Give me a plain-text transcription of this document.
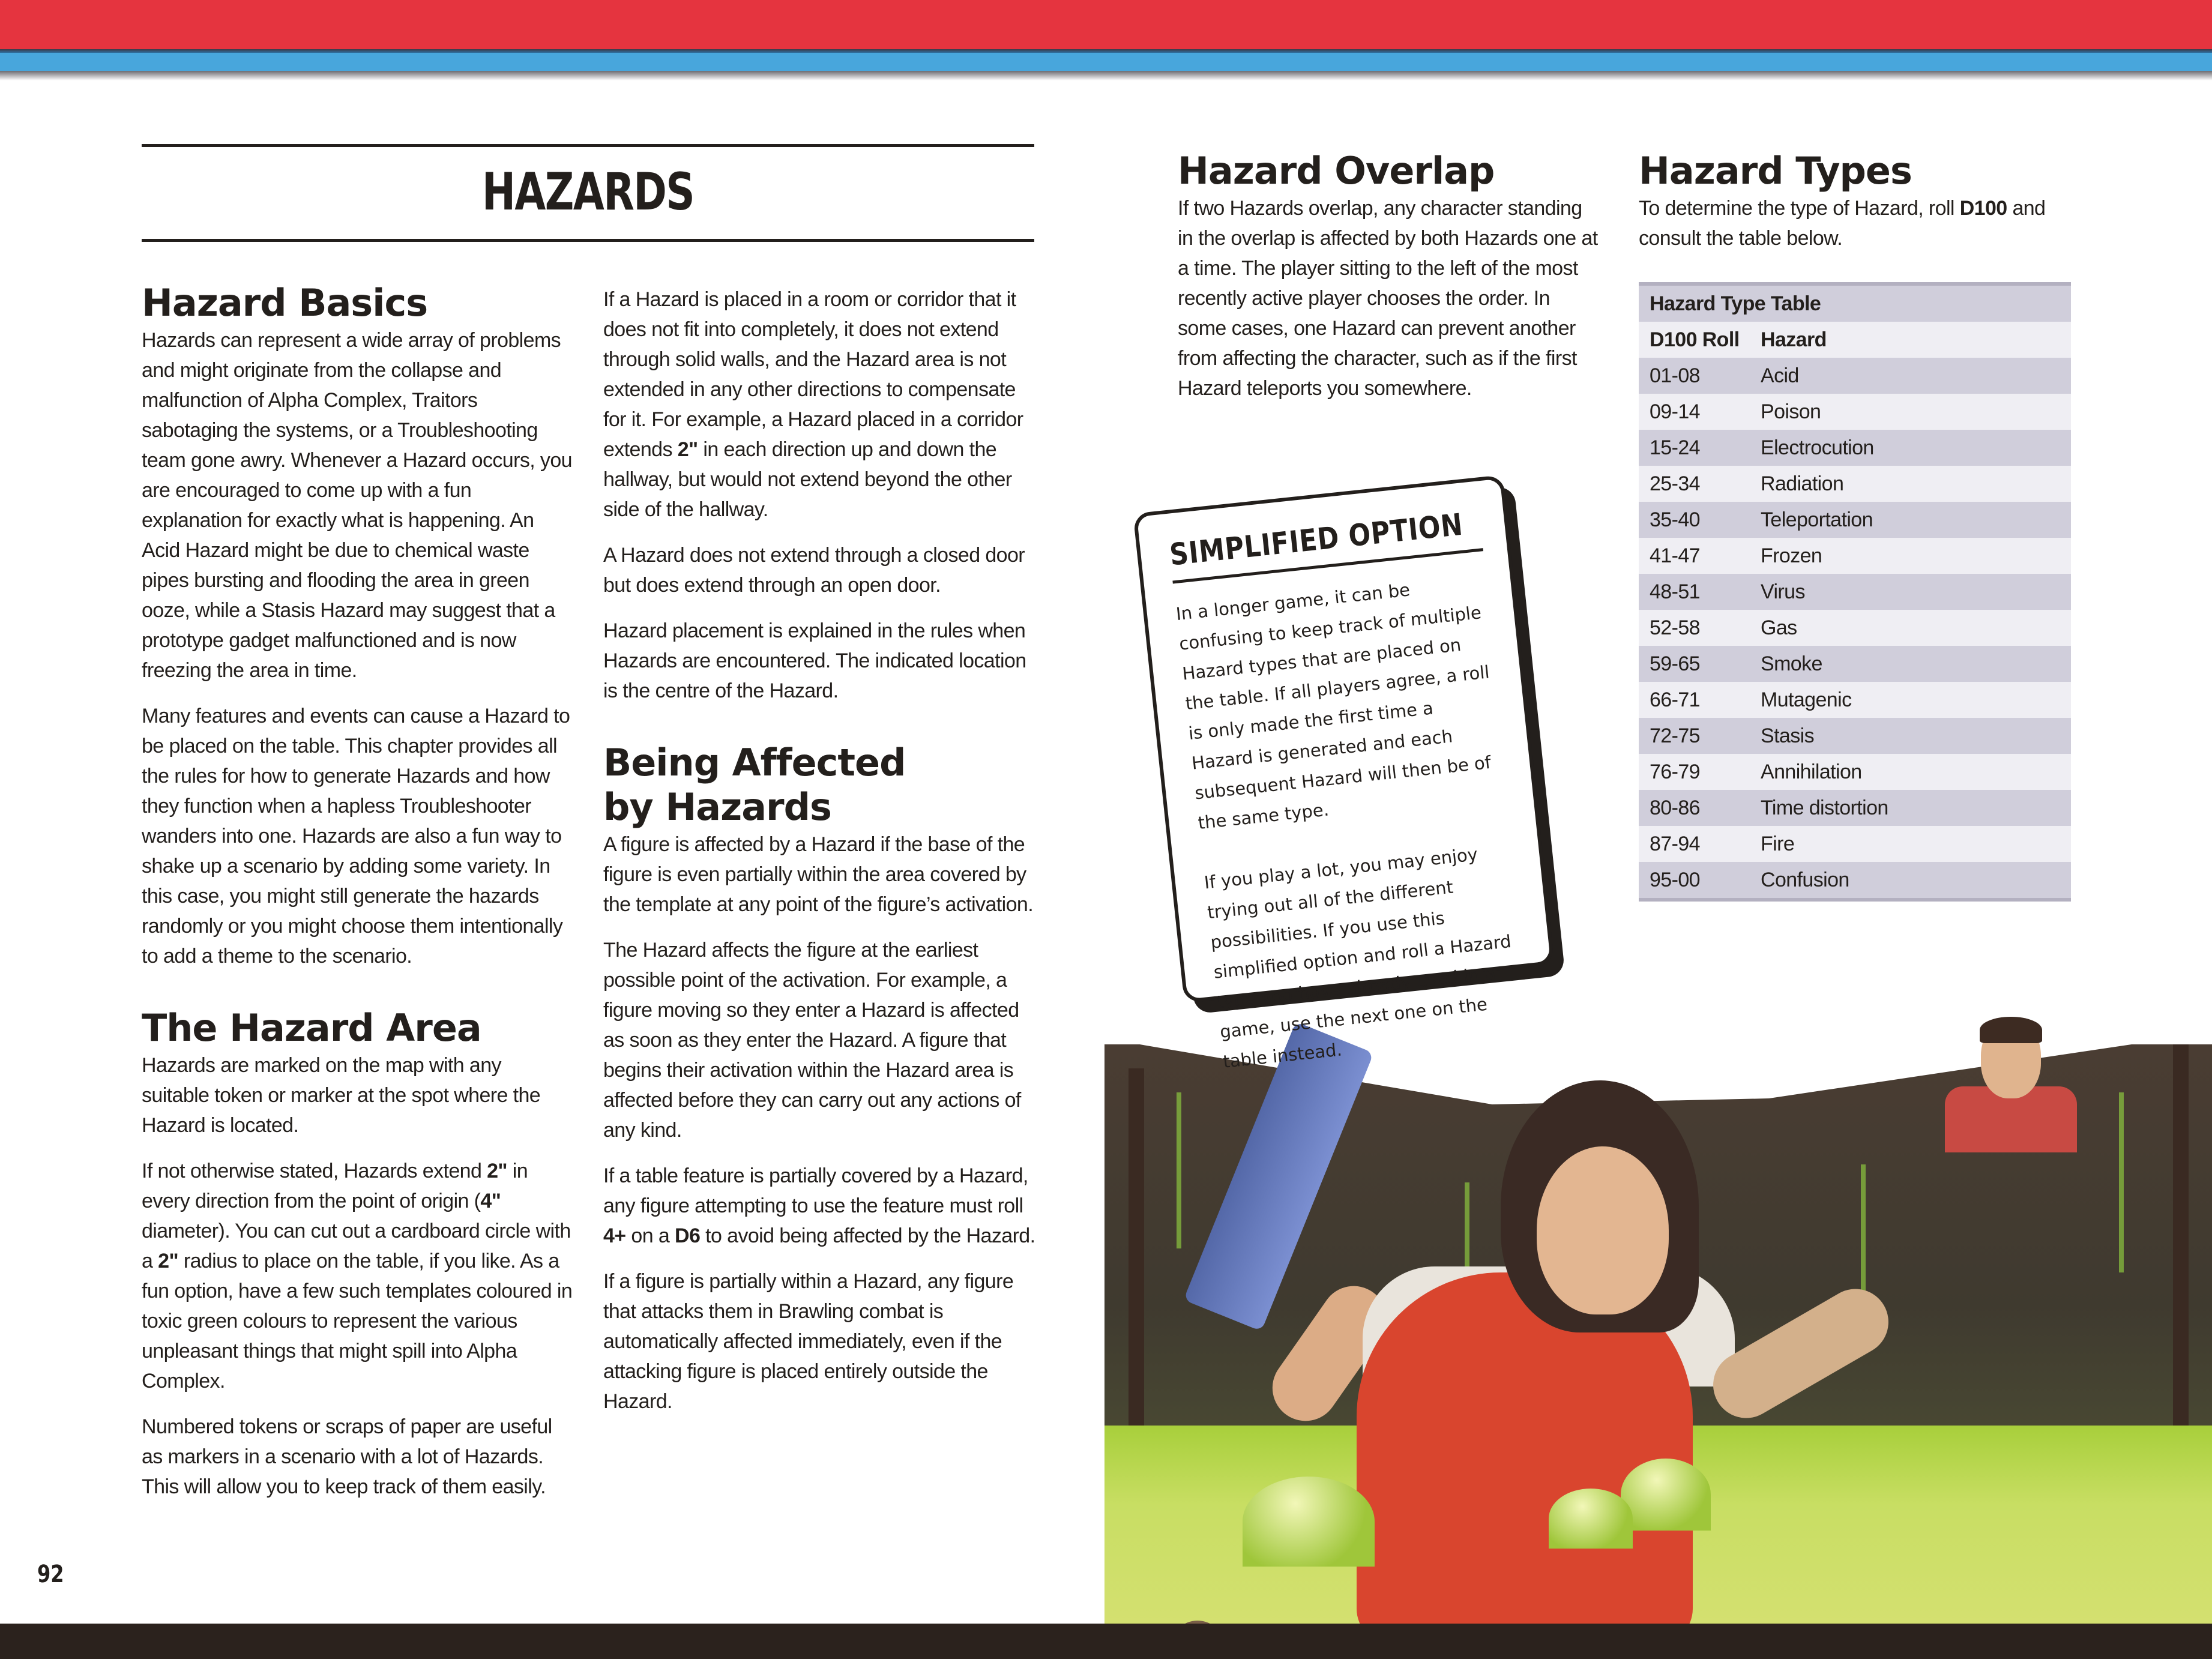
HAZARDS
Hazard Basics
Hazards can represent a wide array of problems and might originate from the collapse and malfunction of Alpha Complex, Traitors sabotaging the systems, or a Troubleshooting team gone awry. Whenever a Hazard occurs, you are encouraged to come up with a fun explanation for exactly what is happening. An Acid Hazard might be due to chemical waste pipes bursting and flooding the area in green ooze, while a Stasis Hazard may suggest that a prototype gadget malfunctioned and is now freezing the area in time.
Many features and events can cause a Hazard to be placed on the table. This chapter provides all the rules for how to generate Hazards and how they function when a hapless Troubleshooter wanders into one. Hazards are also a fun way to shake up a scenario by adding some variety. In this case, you might still generate the hazards randomly or you might choose them intentionally to add a theme to the scenario.
The Hazard Area
Hazards are marked on the map with any suitable token or marker at the spot where the Hazard is located.
If not otherwise stated, Hazards extend 2" in every direction from the point of origin (4" diameter). You can cut out a cardboard circle with a 2" radius to place on the table, if you like. As a fun option, have a few such templates coloured in toxic green colours to represent the various unpleasant things that might spill into Alpha Complex.
Numbered tokens or scraps of paper are useful as markers in a scenario with a lot of Hazards. This will allow you to keep track of them easily.
If a Hazard is placed in a room or corridor that it does not fit into completely, it does not extend through solid walls, and the Hazard area is not extended in any other directions to compensate for it. For example, a Hazard placed in a corridor extends 2" in each direction up and down the hallway, but would not extend beyond the other side of the hallway.
A Hazard does not extend through a closed door but does extend through an open door.
Hazard placement is explained in the rules when Hazards are encountered. The indicated location is the centre of the Hazard.
Being Affected by Hazards
A figure is affected by a Hazard if the base of the figure is even partially within the area covered by the template at any point of the figure’s activation.
The Hazard affects the figure at the earliest possible point of the activation. For example, a figure moving so they enter a Hazard is affected as soon as they enter the Hazard. A figure that begins their activation within the Hazard area is affected before they can carry out any actions of any kind.
If a table feature is partially covered by a Hazard, any figure attempting to use the feature must roll 4+ on a D6 to avoid being affected by the Hazard.
If a figure is partially within a Hazard, any figure that attacks them in Brawling combat is automatically affected immediately, even if the attacking figure is placed entirely outside the Hazard.
Hazard Overlap
If two Hazards overlap, any character standing in the overlap is affected by both Hazards one at a time. The player sitting to the left of the most recently active player chooses the order. In some cases, one Hazard can prevent another from affecting the character, such as if the first Hazard teleports you somewhere.
Hazard Types
To determine the type of Hazard, roll D100 and consult the table below.
Hazard Type Table
D100 Roll	Hazard
01-08	Acid
09-14	Poison
15-24	Electrocution
25-34	Radiation
35-40	Teleportation
41-47	Frozen
48-51	Virus
52-58	Gas
59-65	Smoke
66-71	Mutagenic
72-75	Stasis
76-79	Annihilation
80-86	Time distortion
87-94	Fire
95-00	Confusion
SIMPLIFIED OPTION
In a longer game, it can be confusing to keep track of multiple Hazard types that are placed on the table. If all players agree, a roll is only made the first time a Hazard is generated and each subsequent Hazard will then be of the same type.
If you play a lot, you may enjoy trying out all of the different possibilities. If you use this simplified option and roll a Hazard type you have already used in a game, use the next one on the table instead.
92
